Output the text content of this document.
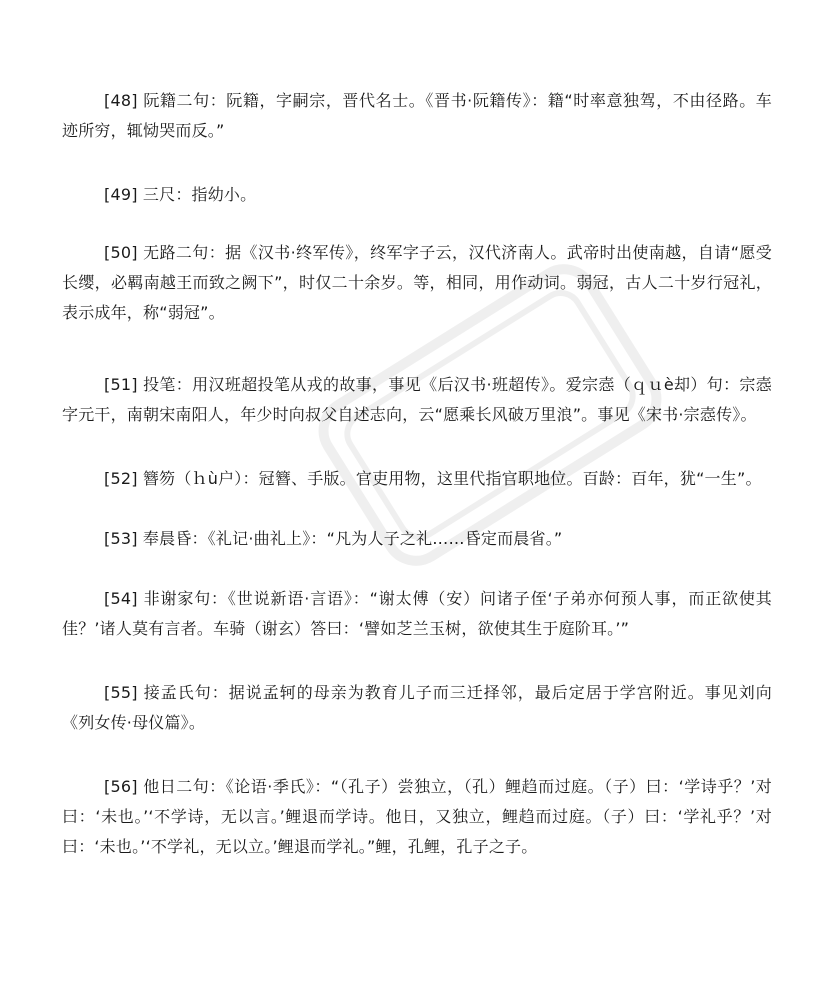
[48] 阮籍二句：阮籍，字嗣宗，晋代名士。《晋书·阮籍传》：籍“时率意独驾，不由径路。车迹所穷，辄恸哭而反。”

[49] 三尺：指幼小。

[50] 无路二句：据《汉书·终军传》，终军字子云，汉代济南人。武帝时出使南越，自请“愿受长缨，必羁南越王而致之阙下”，时仅二十余岁。等，相同，用作动词。弱冠，古人二十岁行冠礼，表示成年，称“弱冠”。

[51] 投笔：用汉班超投笔从戎的故事，事见《后汉书·班超传》。爱宗悫（ｑｕè却）句：宗悫字元干，南朝宋南阳人，年少时向叔父自述志向，云“愿乘长风破万里浪”。事见《宋书·宗悫传》。

[52] 簪笏（ｈù户）：冠簪、手版。官吏用物，这里代指官职地位。百龄：百年，犹“一生”。

[53] 奉晨昏：《礼记·曲礼上》：“凡为人子之礼……昏定而晨省。”

[54] 非谢家句：《世说新语·言语》：“谢太傅（安）问诸子侄‘子弟亦何预人事，而正欲使其佳？’诸人莫有言者。车骑（谢玄）答曰：‘譬如芝兰玉树，欲使其生于庭阶耳。’”

[55] 接孟氏句：据说孟轲的母亲为教育儿子而三迁择邻，最后定居于学宫附近。事见刘向《列女传·母仪篇》。

[56] 他日二句：《论语·季氏》：“（孔子）尝独立，（孔）鲤趋而过庭。（子）曰：‘学诗乎？’对曰：‘未也。’‘不学诗，无以言。’鲤退而学诗。他日，又独立，鲤趋而过庭。（子）曰：‘学礼乎？’对曰：‘未也。’‘不学礼，无以立。’鲤退而学礼。”鲤，孔鲤，孔子之子。
